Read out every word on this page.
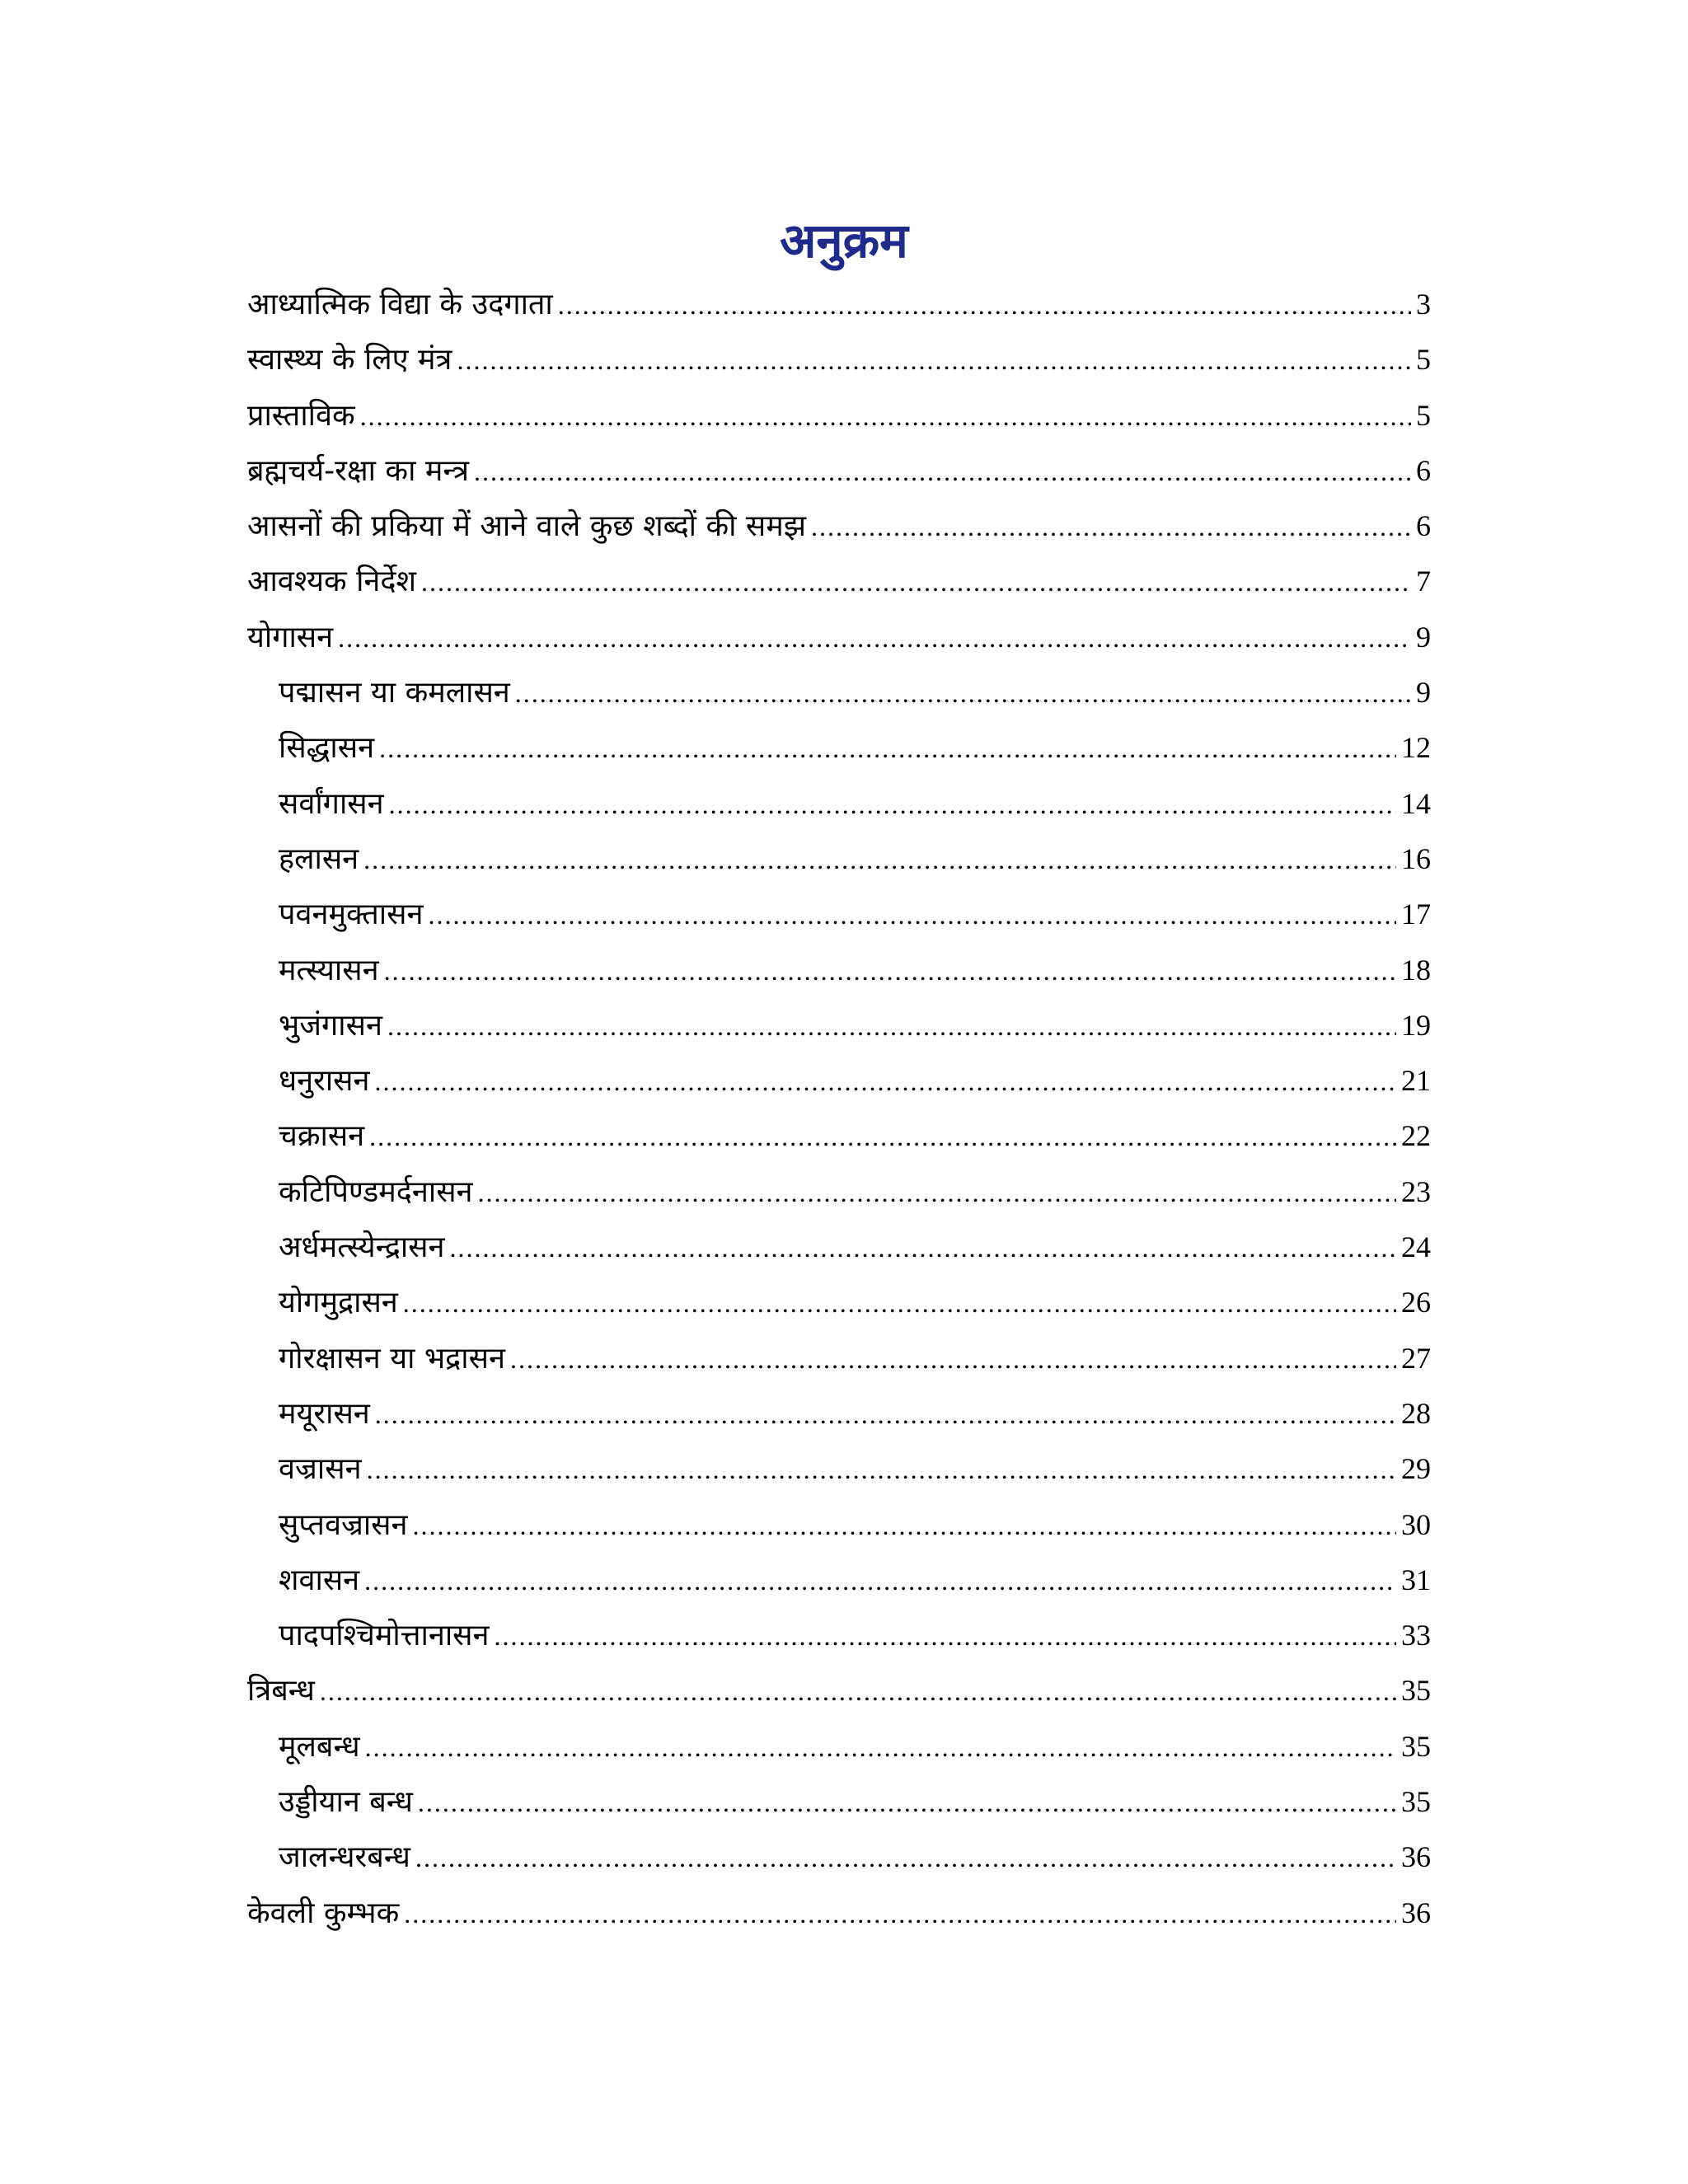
अनुक्रम
आध्यात्मिक विद्या के उदगाता .....	3
स्वास्थ्य के लिए मंत्र .....	5
प्रास्ताविक .....	5
ब्रह्मचर्य-रक्षा का मन्त्र .....	6
आसनों की प्रकिया में आने वाले कुछ शब्दों की समझ .....	6
आवश्यक निर्देश .....	7
योगासन .....	9
पद्मासन या कमलासन .....	9
सिद्धासन .....	12
सर्वांगासन .....	14
हलासन .....	16
पवनमुक्तासन .....	17
मत्स्यासन .....	18
भुजंगासन .....	19
धनुरासन .....	21
चक्रासन .....	22
कटिपिण्डमर्दनासन .....	23
अर्धमत्स्येन्द्रासन .....	24
योगमुद्रासन .....	26
गोरक्षासन या भद्रासन .....	27
मयूरासन .....	28
वज्रासन .....	29
सुप्तवज्रासन .....	30
शवासन .....	31
पादपश्चिमोत्तानासन .....	33
त्रिबन्ध .....	35
मूलबन्ध .....	35
उड्डीयान बन्ध .....	35
जालन्धरबन्ध .....	36
केवली कुम्भक .....	36
